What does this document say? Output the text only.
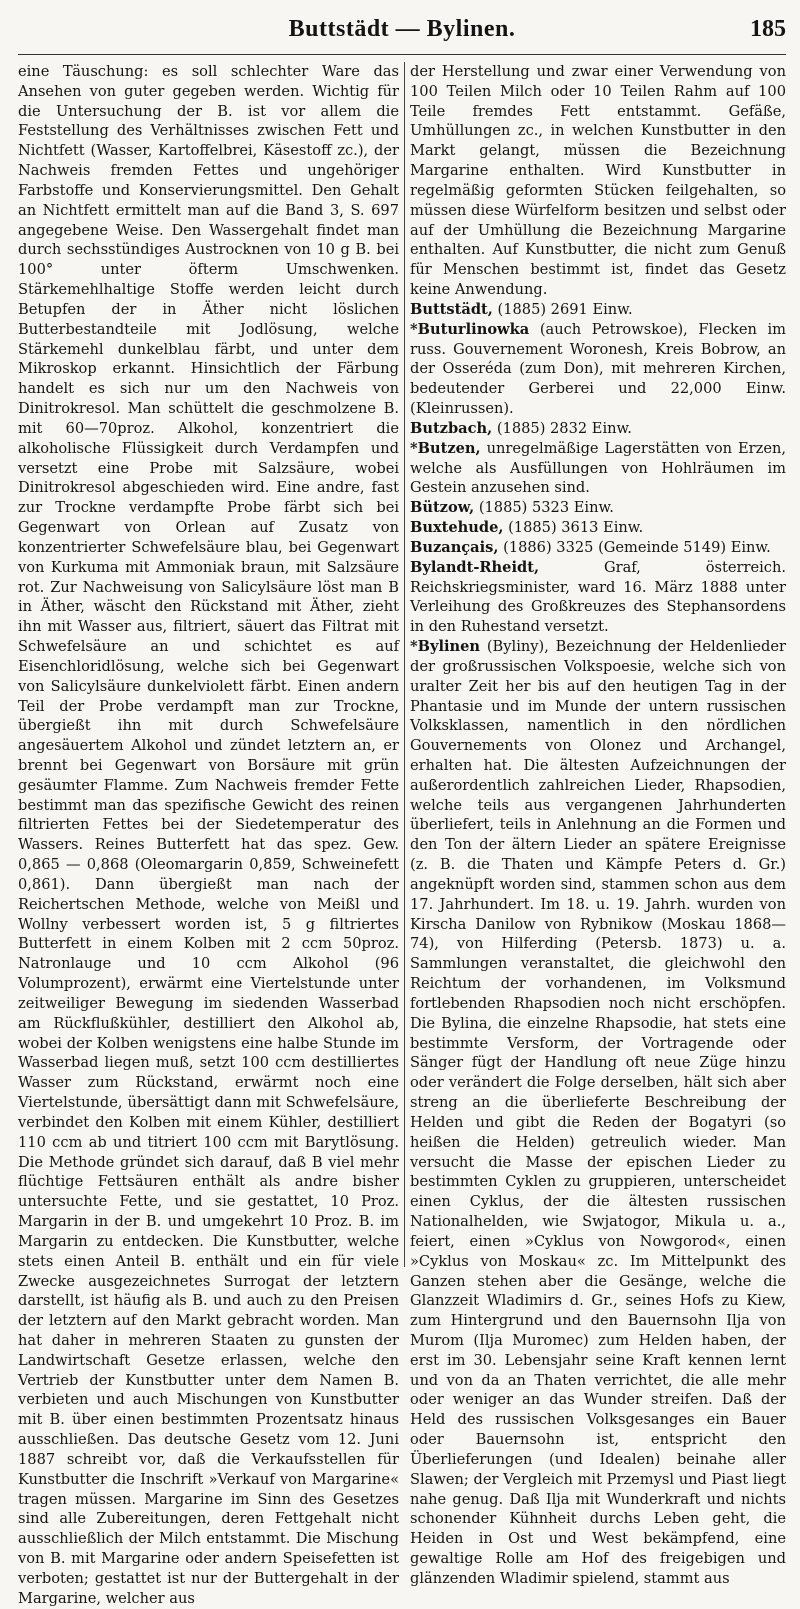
Buttstädt — Bylinen.	185

eine Täuschung: es soll schlechter Ware das Ansehen von guter gegeben werden. Wichtig für die Untersuchung der B. ist vor allem die Feststellung des Verhältnisses zwischen Fett und Nichtfett (Wasser, Kartoffelbrei, Käsestoff zc.), der Nachweis fremden Fettes und ungehöriger Farbstoffe und Konservierungsmittel. Den Gehalt an Nichtfett ermittelt man auf die Band 3, S. 697 angegebene Weise. Den Wassergehalt findet man durch sechsstündiges Austrocknen von 10 g B. bei 100° unter öfterm Umschwenken. Stärkemehlhaltige Stoffe werden leicht durch Betupfen der in Äther nicht löslichen Butterbestandteile mit Jodlösung, welche Stärkemehl dunkelblau färbt, und unter dem Mikroskop erkannt. Hinsichtlich der Färbung handelt es sich nur um den Nachweis von Dinitrokresol. Man schüttelt die geschmolzene B. mit 60—70proz. Alkohol, konzentriert die alkoholische Flüssigkeit durch Verdampfen und versetzt eine Probe mit Salzsäure, wobei Dinitrokresol abgeschieden wird. Eine andre, fast zur Trockne verdampfte Probe färbt sich bei Gegenwart von Orlean auf Zusatz von konzentrierter Schwefelsäure blau, bei Gegenwart von Kurkuma mit Ammoniak braun, mit Salzsäure rot. Zur Nachweisung von Salicylsäure löst man B in Äther, wäscht den Rückstand mit Äther, zieht ihn mit Wasser aus, filtriert, säuert das Filtrat mit Schwefelsäure an und schichtet es auf Eisenchloridlösung, welche sich bei Gegenwart von Salicylsäure dunkelviolett färbt. Einen andern Teil der Probe verdampft man zur Trockne, übergießt ihn mit durch Schwefelsäure angesäuertem Alkohol und zündet letztern an, er brennt bei Gegenwart von Borsäure mit grün gesäumter Flamme. Zum Nachweis fremder Fette bestimmt man das spezifische Gewicht des reinen filtrierten Fettes bei der Siedetemperatur des Wassers. Reines Butterfett hat das spez. Gew. 0,865 — 0,868 (Oleomargarin 0,859, Schweinefett 0,861). Dann übergießt man nach der Reichertschen Methode, welche von Meißl und Wollny verbessert worden ist, 5 g filtriertes Butterfett in einem Kolben mit 2 ccm 50proz. Natronlauge und 10 ccm Alkohol (96 Volumprozent), erwärmt eine Viertelstunde unter zeitweiliger Bewegung im siedenden Wasserbad am Rückflußkühler, destilliert den Alkohol ab, wobei der Kolben wenigstens eine halbe Stunde im Wasserbad liegen muß, setzt 100 ccm destilliertes Wasser zum Rückstand, erwärmt noch eine Viertelstunde, übersättigt dann mit Schwefelsäure, verbindet den Kolben mit einem Kühler, destilliert 110 ccm ab und titriert 100 ccm mit Barytlösung. Die Methode gründet sich darauf, daß B viel mehr flüchtige Fettsäuren enthält als andre bisher untersuchte Fette, und sie gestattet, 10 Proz. Margarin in der B. und umgekehrt 10 Proz. B. im Margarin zu entdecken. Die Kunstbutter, welche stets einen Anteil B. enthält und ein für viele Zwecke ausgezeichnetes Surrogat der letztern darstellt, ist häufig als B. und auch zu den Preisen der letztern auf den Markt gebracht worden. Man hat daher in mehreren Staaten zu gunsten der Landwirtschaft Gesetze erlassen, welche den Vertrieb der Kunstbutter unter dem Namen B. verbieten und auch Mischungen von Kunstbutter mit B. über einen bestimmten Prozentsatz hinaus ausschließen. Das deutsche Gesetz vom 12. Juni 1887 schreibt vor, daß die Verkaufsstellen für Kunstbutter die Inschrift »Verkauf von Margarine« tragen müssen. Margarine im Sinn des Gesetzes sind alle Zubereitungen, deren Fettgehalt nicht ausschließlich der Milch entstammt. Die Mischung von B. mit Margarine oder andern Speisefetten ist verboten; gestattet ist nur der Buttergehalt in der Margarine, welcher aus

der Herstellung und zwar einer Verwendung von 100 Teilen Milch oder 10 Teilen Rahm auf 100 Teile fremdes Fett entstammt. Gefäße, Umhüllungen zc., in welchen Kunstbutter in den Markt gelangt, müssen die Bezeichnung Margarine enthalten. Wird Kunstbutter in regelmäßig geformten Stücken feilgehalten, so müssen diese Würfelform besitzen und selbst oder auf der Umhüllung die Bezeichnung Margarine enthalten. Auf Kunstbutter, die nicht zum Genuß für Menschen bestimmt ist, findet das Gesetz keine Anwendung.

Buttstädt, (1885) 2691 Einw.

*Buturlinowka (auch Petrowskoe), Flecken im russ. Gouvernement Woronesh, Kreis Bobrow, an der Osseréda (zum Don), mit mehreren Kirchen, bedeutender Gerberei und 22,000 Einw. (Kleinrussen).

Butzbach, (1885) 2832 Einw.

*Butzen, unregelmäßige Lagerstätten von Erzen, welche als Ausfüllungen von Hohlräumen im Gestein anzusehen sind.

Bützow, (1885) 5323 Einw.

Buxtehude, (1885) 3613 Einw.

Buzançais, (1886) 3325 (Gemeinde 5149) Einw.

Bylandt-Rheidt,	Graf, österreich. Reichskriegsminister, ward 16. März 1888 unter Verleihung des Großkreuzes des Stephansordens in den Ruhestand versetzt.

*Bylinen (Byliny), Bezeichnung der Heldenlieder der großrussischen Volkspoesie, welche sich von uralter Zeit her bis auf den heutigen Tag in der Phantasie und im Munde der untern russischen Volksklassen, namentlich in den nördlichen Gouvernements von Olonez und Archangel, erhalten hat. Die ältesten Aufzeichnungen der außerordentlich zahlreichen Lieder, Rhapsodien, welche teils aus vergangenen Jahrhunderten überliefert, teils in Anlehnung an die Formen und den Ton der ältern Lieder an spätere Ereignisse (z. B. die Thaten und Kämpfe Peters d. Gr.) angeknüpft worden sind, stammen schon aus dem 17. Jahrhundert. Im 18. u. 19. Jahrh. wurden von Kirscha Danilow von Rybnikow (Moskau 1868—74), von Hilferding (Petersb. 1873) u. a. Sammlungen veranstaltet, die gleichwohl den Reichtum der vorhandenen, im Volksmund fortlebenden Rhapsodien noch nicht erschöpfen. Die Bylina, die einzelne Rhapsodie, hat stets eine bestimmte Versform, der Vortragende oder Sänger fügt der Handlung oft neue Züge hinzu oder verändert die Folge derselben, hält sich aber streng an die überlieferte Beschreibung der Helden und gibt die Reden der Bogatyri (so heißen die Helden) getreulich wieder. Man versucht die Masse der epischen Lieder zu bestimmten Cyklen zu gruppieren, unterscheidet einen Cyklus, der die ältesten russischen Nationalhelden, wie Swjatogor, Mikula u. a., feiert, einen »Cyklus von Nowgorod«, einen »Cyklus von Moskau« zc. Im Mittelpunkt des Ganzen stehen aber die Gesänge, welche die Glanzzeit Wladimirs d. Gr., seines Hofs zu Kiew, zum Hintergrund und den Bauernsohn Ilja von Murom (Ilja Muromec) zum Helden haben, der erst im 30. Lebensjahr seine Kraft kennen lernt und von da an Thaten verrichtet, die alle mehr oder weniger an das Wunder streifen. Daß der Held des russischen Volksgesanges ein Bauer oder Bauernsohn ist, entspricht den Überlieferungen (und Idealen) beinahe aller Slawen; der Vergleich mit Przemysl und Piast liegt nahe genug. Daß Ilja mit Wunderkraft und nichts schonender Kühnheit durchs Leben geht, die Heiden in Ost und West bekämpfend, eine gewaltige Rolle am Hof des freigebigen und glänzenden Wladimir spielend, stammt aus
